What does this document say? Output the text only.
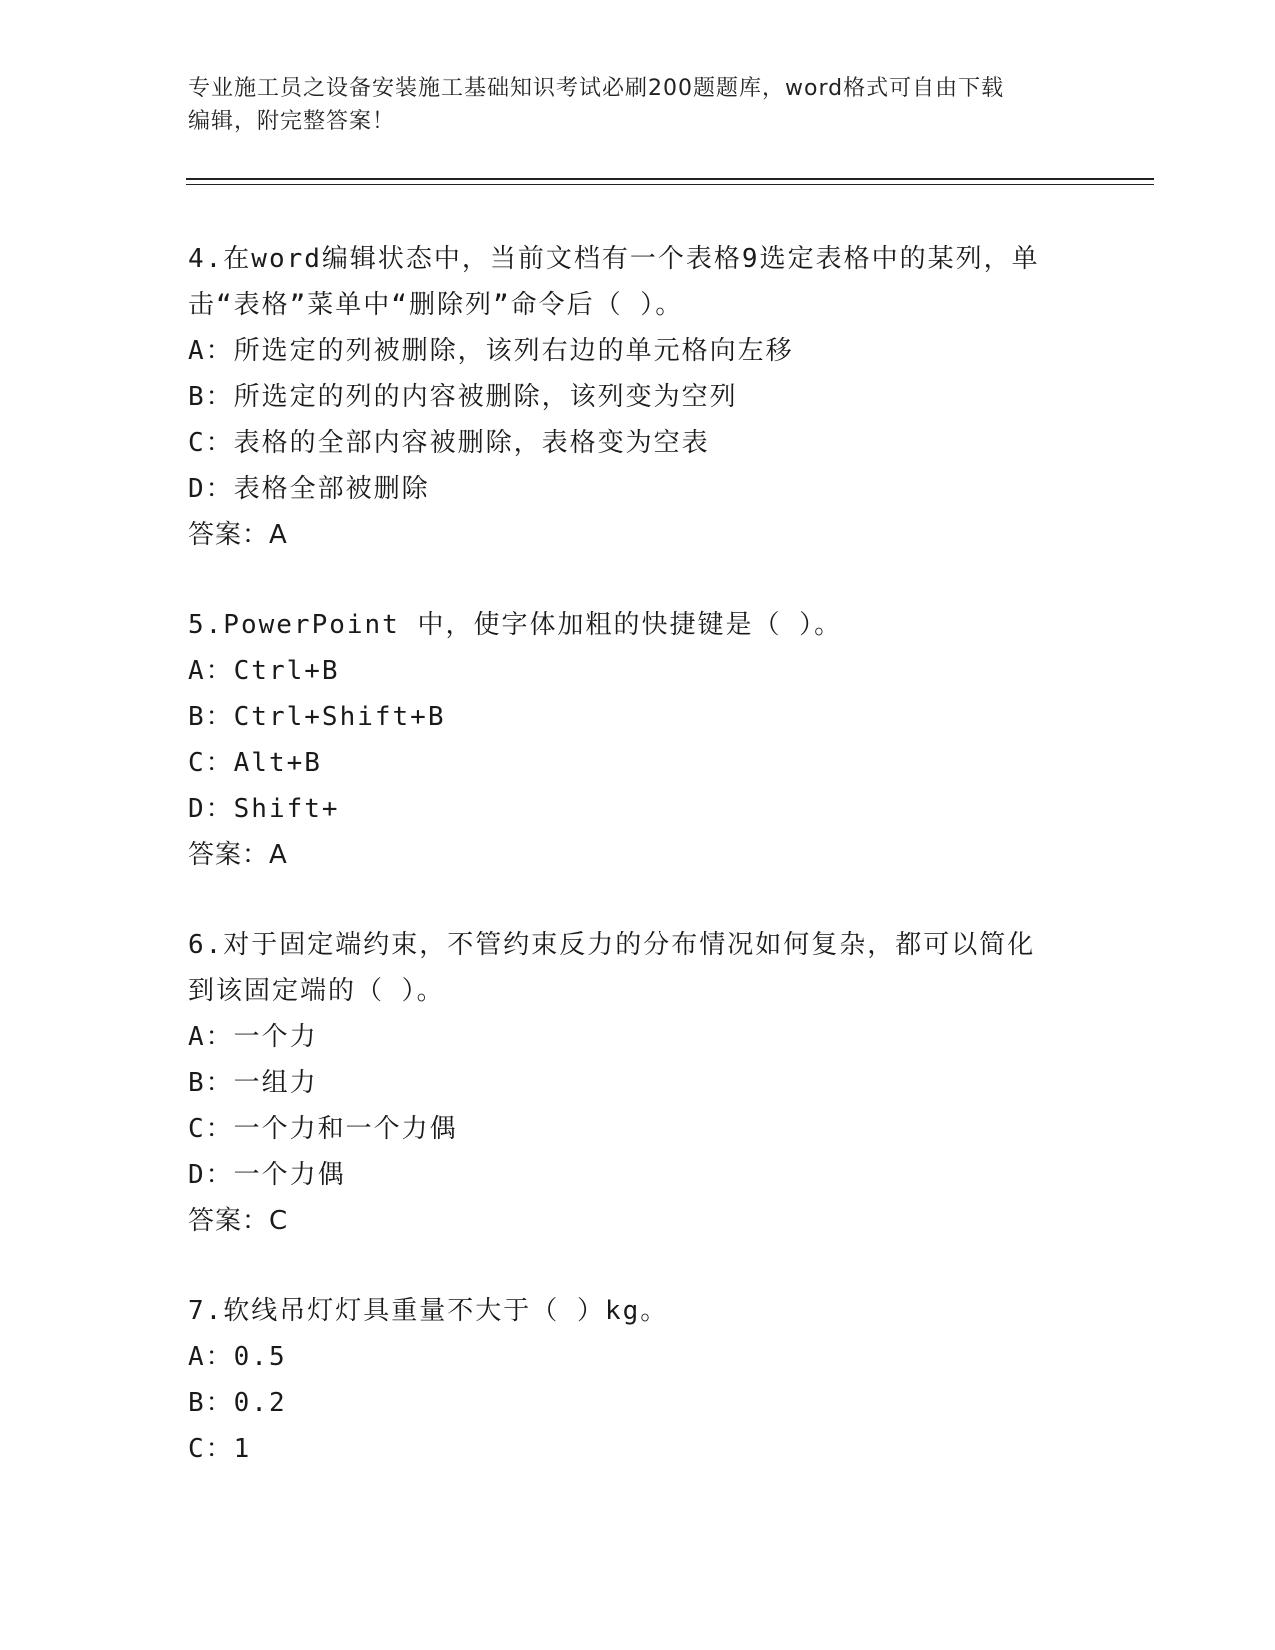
专业施工员之设备安装施工基础知识考试必刷200题题库，word格式可自由下载
编辑，附完整答案！
4.在word编辑状态中，当前文档有一个表格9选定表格中的某列，单
击“表格”菜单中“删除列”命令后（ ）。
A：所选定的列被删除，该列右边的单元格向左移
B：所选定的列的内容被删除，该列变为空列
C：表格的全部内容被删除，表格变为空表
D：表格全部被删除
答案：A
5.PowerPoint 中，使字体加粗的快捷键是（ ）。
A：Ctrl+B
B：Ctrl+Shift+B
C：Alt+B
D：Shift+
答案：A
6.对于固定端约束，不管约束反力的分布情况如何复杂，都可以简化
到该固定端的（ ）。
A：一个力
B：一组力
C：一个力和一个力偶
D：一个力偶
答案：C
7.软线吊灯灯具重量不大于（ ）kg。
A：0.5
B：0.2
C：1
